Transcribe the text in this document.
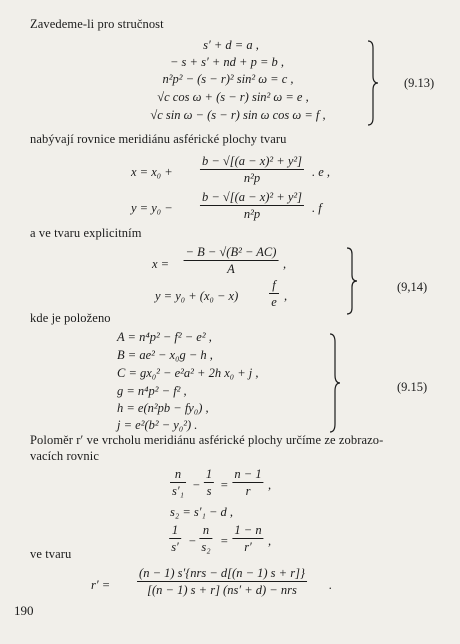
Zavedeme-li pro stručnost
s′ + d = a ,
− s + s′ + nd + p = b ,
n²p² − (s − r)² sin² ω = c ,
√c cos ω + (s − r) sin² ω = e ,
√c sin ω − (s − r) sin ω cos ω = f ,
(9.13)
nabývají rovnice meridiánu asférické plochy tvaru
x = x₀ +
b − √[(a − x)² + y²]
n²p	. e ,
y = y₀ −
b − √[(a − x)² + y²]
n²p	. f
a ve tvaru explicitním
x =
− B − √(B² − AC)
A	,
y = y₀ + (x₀ − x)
f
e ,
(9,14)
kde je položeno
A = n⁴p² − f² − e² ,
B = ae² − x₀g − h ,
C = gx₀² − e²a² + 2h x₀ + j ,
g = n⁴p² − f² ,
h = e(n²pb − fy₀) ,
j = e²(b² − y₀²) .
(9.15)
Poloměr r′ ve vrcholu meridiánu asférické plochy určíme ze zobrazo-
vacích rovnic
n
s′₁ −
1
s =
n − 1
r	,
s₂ = s′₁ − d ,
1
s′ −
n
s₂ =
1 − n
r′	,
ve tvaru
r′ =
(n − 1) s′{nrs − d[(n − 1) s + r]}
[(n − 1) s + r] (ns′ + d) − nrs	.
190
